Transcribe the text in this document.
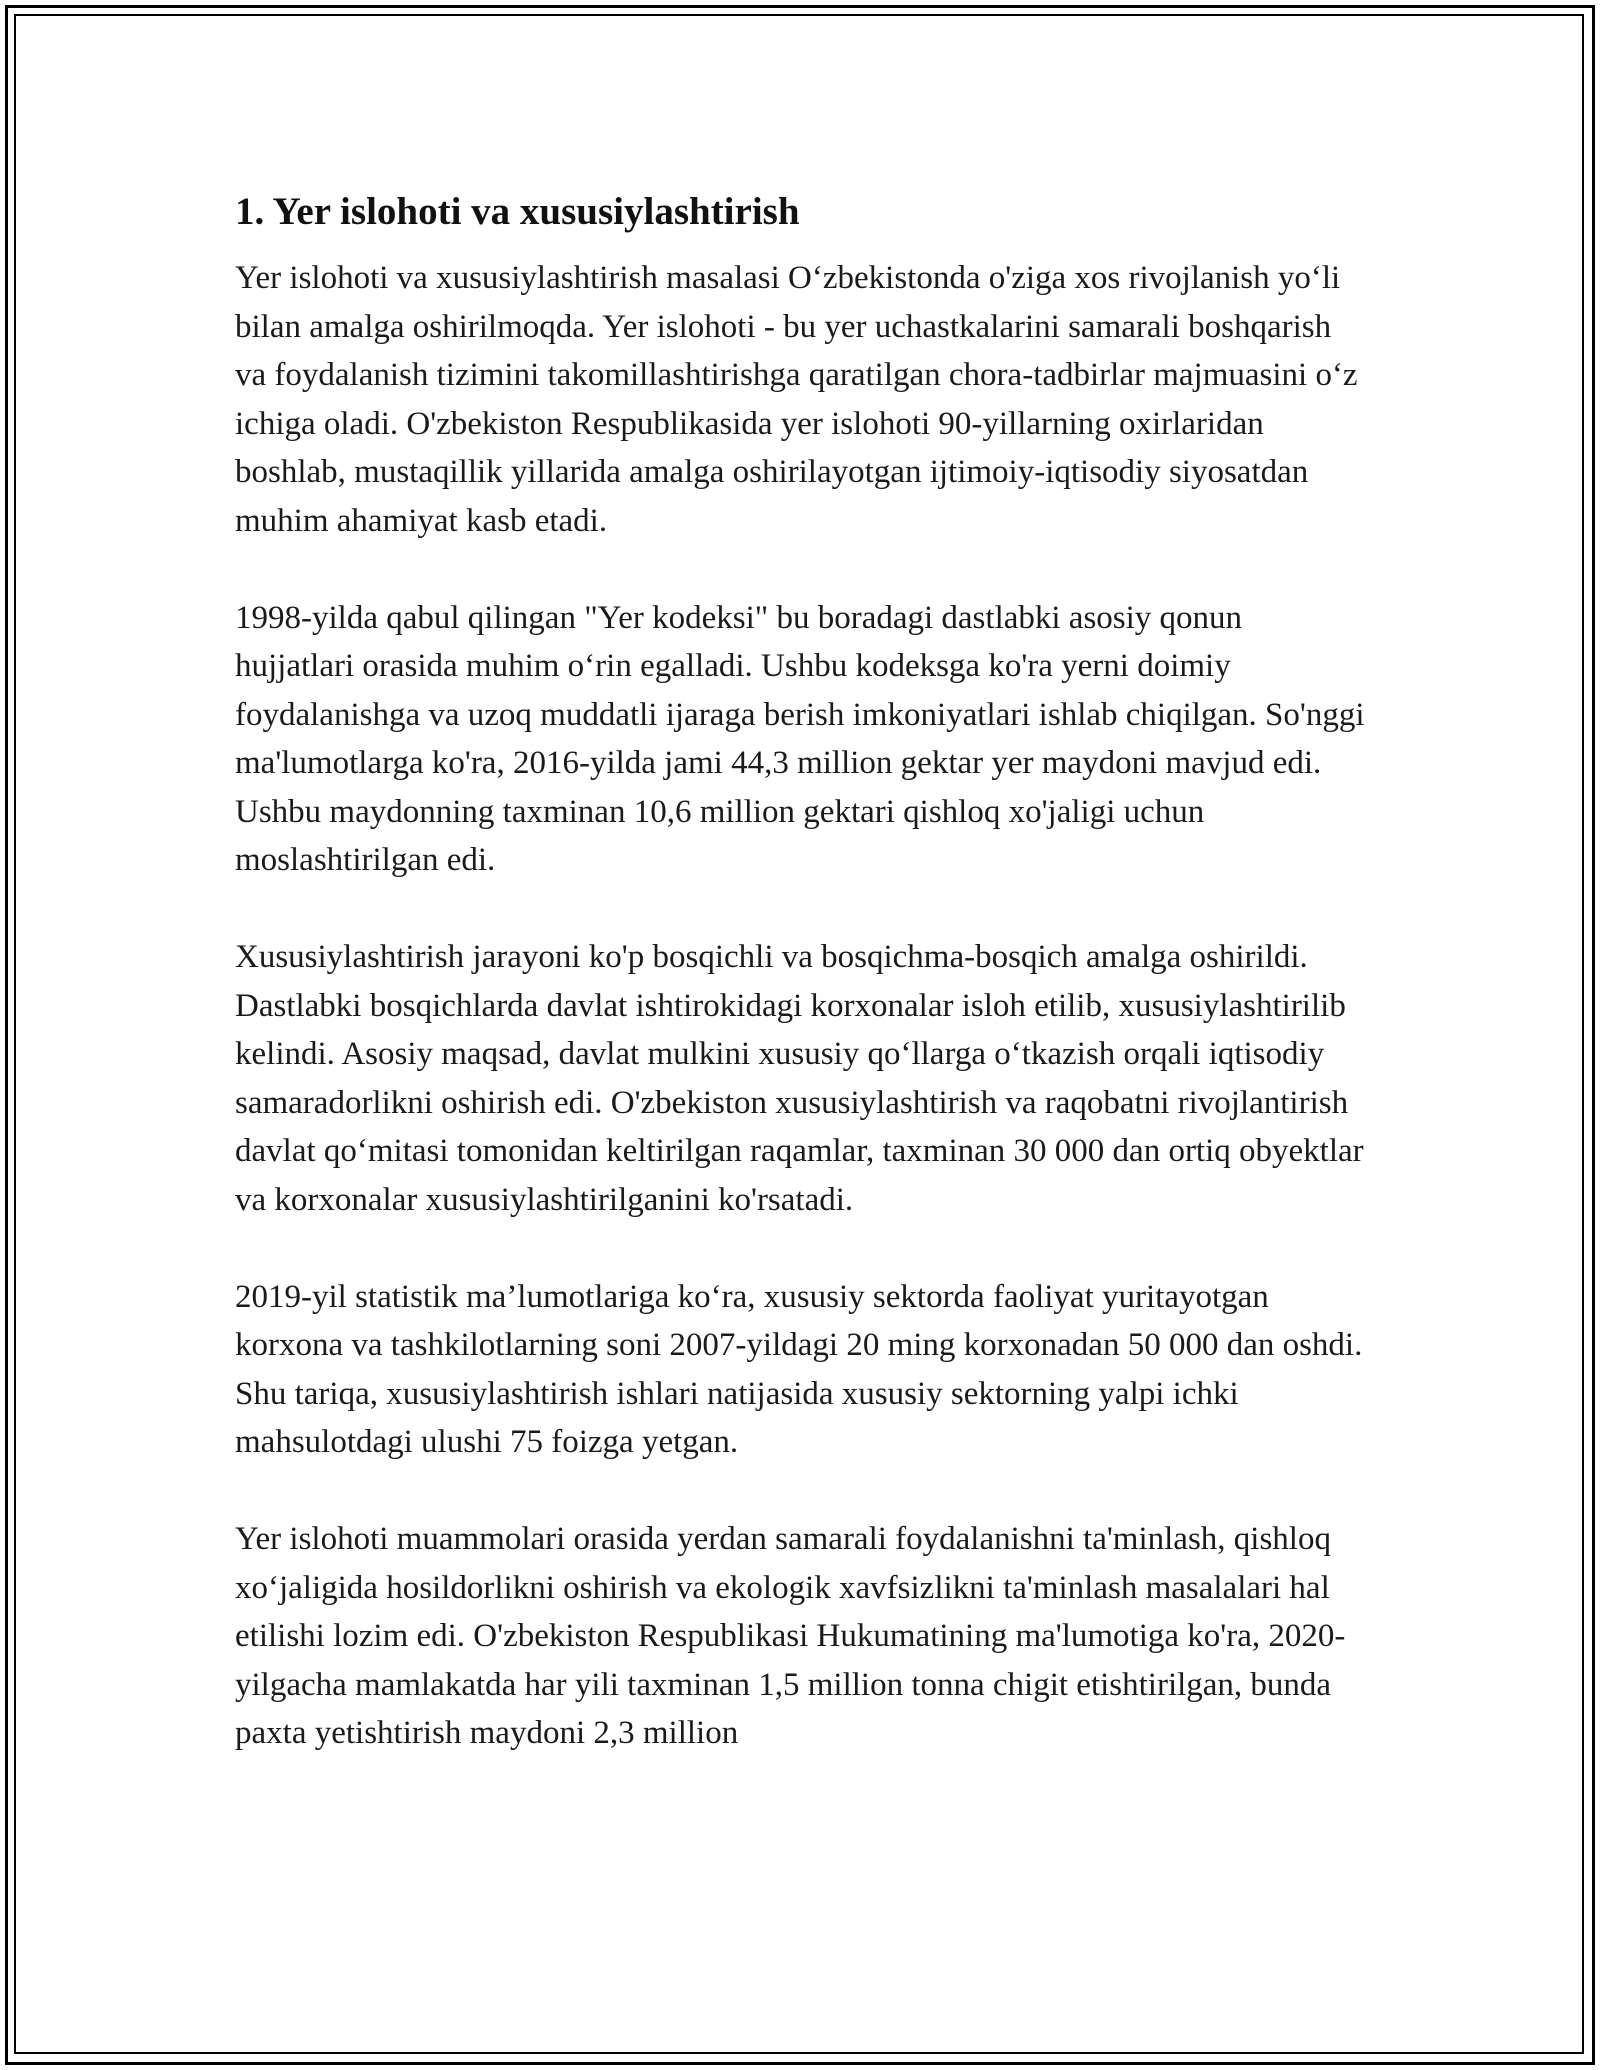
1. Yer islohoti va xususiylashtirish

Yer islohoti va xususiylashtirish masalasi O‘zbekistonda o'ziga xos rivojlanish yo‘li bilan amalga oshirilmoqda. Yer islohoti - bu yer uchastkalarini samarali boshqarish va foydalanish tizimini takomillashtirishga qaratilgan chora-tadbirlar majmuasini o‘z ichiga oladi. O'zbekiston Respublikasida yer islohoti 90-yillarning oxirlaridan boshlab, mustaqillik yillarida amalga oshirilayotgan ijtimoiy-iqtisodiy siyosatdan muhim ahamiyat kasb etadi.

1998-yilda qabul qilingan "Yer kodeksi" bu boradagi dastlabki asosiy qonun hujjatlari orasida muhim o‘rin egalladi. Ushbu kodeksga ko'ra yerni doimiy foydalanishga va uzoq muddatli ijaraga berish imkoniyatlari ishlab chiqilgan. So'nggi ma'lumotlarga ko'ra, 2016-yilda jami 44,3 million gektar yer maydoni mavjud edi. Ushbu maydonning taxminan 10,6 million gektari qishloq xo'jaligi uchun moslashtirilgan edi.

Xususiylashtirish jarayoni ko'p bosqichli va bosqichma-bosqich amalga oshirildi. Dastlabki bosqichlarda davlat ishtirokidagi korxonalar isloh etilib, xususiylashtirilib kelindi. Asosiy maqsad, davlat mulkini xususiy qo‘llarga o‘tkazish orqali iqtisodiy samaradorlikni oshirish edi. O'zbekiston xususiylashtirish va raqobatni rivojlantirish davlat qo‘mitasi tomonidan keltirilgan raqamlar, taxminan 30 000 dan ortiq obyektlar va korxonalar xususiylashtirilganini ko'rsatadi.

2019-yil statistik ma’lumotlariga ko‘ra, xususiy sektorda faoliyat yuritayotgan korxona va tashkilotlarning soni 2007-yildagi 20 ming korxonadan 50 000 dan oshdi. Shu tariqa, xususiylashtirish ishlari natijasida xususiy sektorning yalpi ichki mahsulotdagi ulushi 75 foizga yetgan.

Yer islohoti muammolari orasida yerdan samarali foydalanishni ta'minlash, qishloq xo‘jaligida hosildorlikni oshirish va ekologik xavfsizlikni ta'minlash masalalari hal etilishi lozim edi. O'zbekiston Respublikasi Hukumatining ma'lumotiga ko'ra, 2020-yilgacha mamlakatda har yili taxminan 1,5 million tonna chigit etishtirilgan, bunda paxta yetishtirish maydoni 2,3 million
